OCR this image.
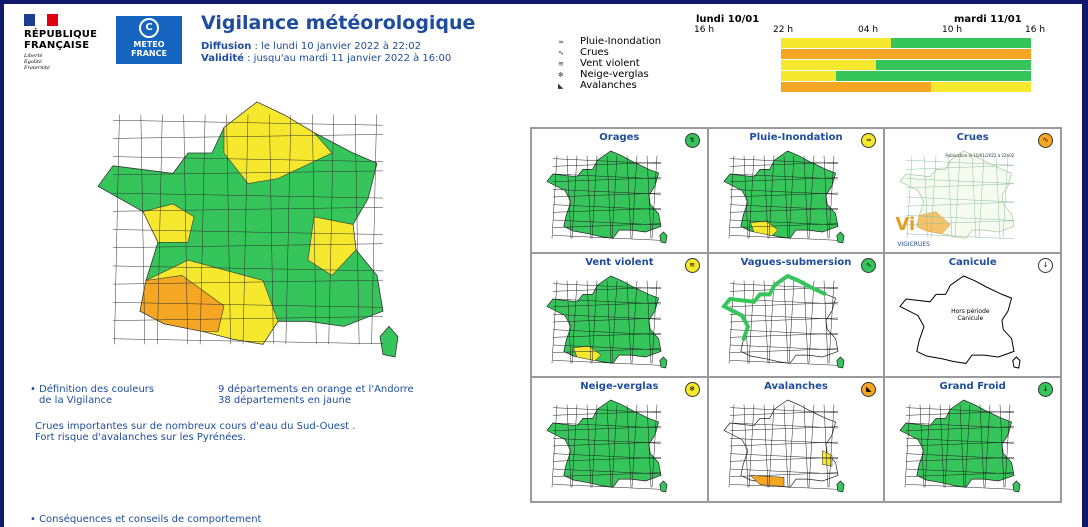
RÉPUBLIQUE
FRANÇAISE
Liberté
Égalité
Fraternité
C
METEO
FRANCE
Vigilance météorologique
Diffusion : le lundi 10 janvier 2022 à 22:02
Validité : jusqu'au mardi 11 janvier 2022 à 16:00
lundi 10/01	mardi 11/01
16 h	22 h	04 h	10 h	16 h
≈	Pluie-Inondation
∿	Crues
≋	Vent violent
❄	Neige-verglas
◣	Avalanches
• Définition des couleurs
de la Vigilance
9 départements en orange et l'Andorre
38 départements en jaune
Crues importantes sur de nombreux cours d'eau du Sud-Ouest .
Fort risque d'avalanches sur les Pyrénées.
• Conséquences et conseils de comportement
Orages	↯	Pluie-Inondation	≈	Crues	∿
Publication le 10/01/2022 à 22h02
Vi
VIGICRUES
Vent violent	≋	Vagues-submersion	∿	Canicule	↓
Hors période
Canicule
Neige-verglas	❄	Avalanches	◣	Grand Froid	↓
